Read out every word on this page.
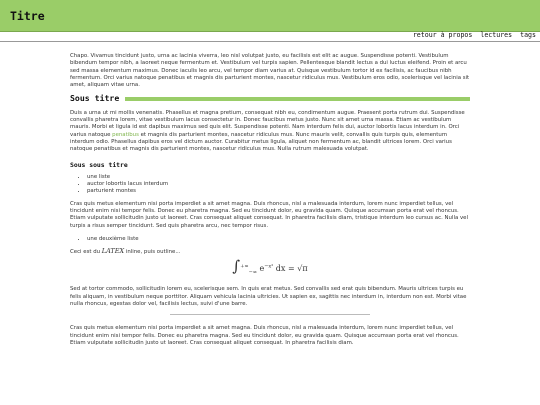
Titre
retour à propos lectures tags

Chapo. Vivamus tincidunt justo, urna ac lacinia viverra, leo nisl volutpat justo, eu facilisis est elit ac augue. Suspendisse potenti. Vestibulum bibendum tempor nibh, a laoreet neque fermentum et. Vestibulum vel turpis sapien. Pellentesque blandit lectus a dui luctus eleifend. Proin et arcu sed massa elementum maximus. Donec iaculis leo arcu, vel tempor diam varius at. Quisque vestibulum tortor id ex facilisis, ac faucibus nibh fermentum. Orci varius natoque penatibus et magnis dis parturient montes, nascetur ridiculus mus. Vestibulum eros odio, scelerisque vel lacinia sit amet, aliquam vitae urna.

Sous titre

Duis a urna ut mi mollis venenatis. Phasellus et magna pretium, consequat nibh eu, condimentum augue. Praesent porta rutrum dui. Suspendisse convallis pharetra lorem, vitae vestibulum lacus consectetur in. Donec faucibus metus justo. Nunc sit amet urna massa. Etiam ac vestibulum mauris. Morbi et ligula id est dapibus maximus sed quis elit. Suspendisse potenti. Nam interdum felis dui, auctor lobortis lacus interdum in. Orci varius natoque penatibus et magnis dis parturient montes, nascetur ridiculus mus. Nunc mauris velit, convallis quis turpis quis, elementum interdum odio. Phasellus dapibus eros vel dictum auctor. Curabitur metus ligula, aliquet non fermentum ac, blandit ultrices lorem. Orci varius natoque penatibus et magnis dis parturient montes, nascetur ridiculus mus. Nulla rutrum malesuada volutpat.

Sous sous titre
• une liste
• auctor lobortis lacus interdum
• parturient montes

Cras quis metus elementum nisi porta imperdiet a sit amet magna. Duis rhoncus, nisl a malesuada interdum, lorem nunc imperdiet tellus, vel tincidunt enim nisi tempor felis. Donec eu pharetra magna. Sed eu tincidunt dolor, eu gravida quam. Quisque accumsan porta erat vel rhoncus. Etiam vulputate sollicitudin justo ut laoreet. Cras consequat aliquet consequat. In pharetra facilisis diam, tristique interdum leo cursus ac. Nulla vel turpis a risus semper tincidunt. Sed quis pharetra arcu, nec tempor risus.

• une deuxième liste

Ceci est du LATEX inline, puis outline...

$\int^{+\infty}_{-\infty}$ $e^{-x^2}$ dx = √π

Sed at tortor commodo, sollicitudin lorem eu, scelerisque sem. In quis erat metus. Sed convallis sed erat quis bibendum. Mauris ultrices turpis eu felis aliquam, in vestibulum neque porttitor. Aliquam vehicula lacinia ultricies. Ut sapien ex, sagittis nec interdum in, interdum non est. Morbi vitae nulla rhoncus, egestas dolor vel, facilisis lectus, suivi d'une barre.

Cras quis metus elementum nisi porta imperdiet a sit amet magna. Duis rhoncus, nisl a malesuada interdum, lorem nunc imperdiet tellus, vel tincidunt enim nisi tempor felis. Donec eu pharetra magna. Sed eu tincidunt dolor, eu gravida quam. Quisque accumsan porta erat vel rhoncus. Etiam vulputate sollicitudin justo ut laoreet. Cras consequat aliquet consequat. In pharetra facilisis diam.
